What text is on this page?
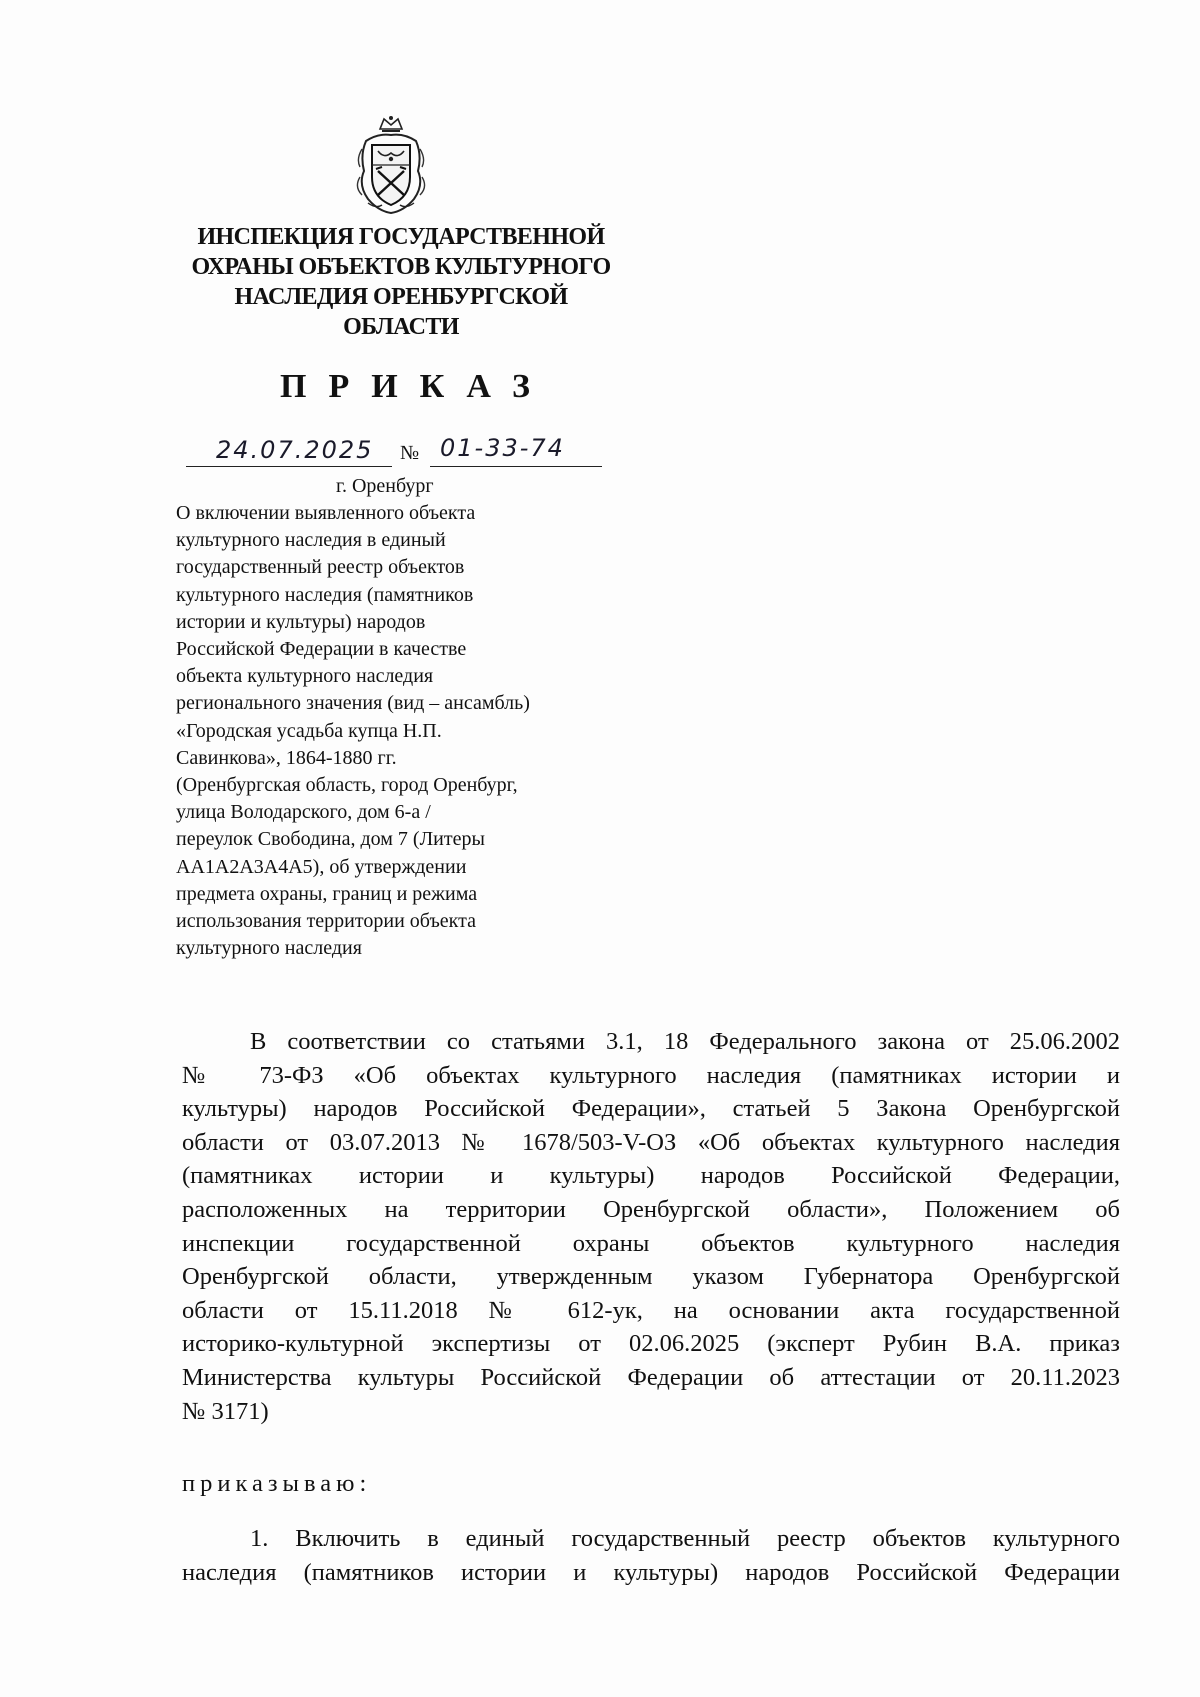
ИНСПЕКЦИЯ ГОСУДАРСТВЕННОЙ
ОХРАНЫ ОБЪЕКТОВ КУЛЬТУРНОГО
НАСЛЕДИЯ ОРЕНБУРГСКОЙ
ОБЛАСТИ
ПРИКАЗ
24.07.2025 № 01-33-74
г. Оренбург
О включении выявленного объекта
культурного наследия в единый
государственный реестр объектов
культурного наследия (памятников
истории и культуры) народов
Российской Федерации в качестве
объекта культурного наследия
регионального значения (вид – ансамбль)
«Городская усадьба купца Н.П.
Савинкова», 1864-1880 гг.
(Оренбургская область, город Оренбург,
улица Володарского, дом 6-а /
переулок Свободина, дом 7 (Литеры
АА1А2А3А4А5), об утверждении
предмета охраны, границ и режима
использования территории объекта
культурного наследия
В соответствии со статьями 3.1, 18 Федерального закона от 25.06.2002
№ 73-ФЗ «Об объектах культурного наследия (памятниках истории и
культуры) народов Российской Федерации», статьей 5 Закона Оренбургской
области от 03.07.2013 № 1678/503-V-ОЗ «Об объектах культурного наследия
(памятниках истории и культуры) народов Российской Федерации,
расположенных на территории Оренбургской области», Положением об
инспекции государственной охраны объектов культурного наследия
Оренбургской области, утвержденным указом Губернатора Оренбургской
области от 15.11.2018 № 612-ук, на основании акта государственной
историко-культурной экспертизы от 02.06.2025 (эксперт Рубин В.А. приказ
Министерства культуры Российской Федерации об аттестации от 20.11.2023
№ 3171)
приказываю:
1. Включить в единый государственный реестр объектов культурного
наследия (памятников истории и культуры) народов Российской Федерации
